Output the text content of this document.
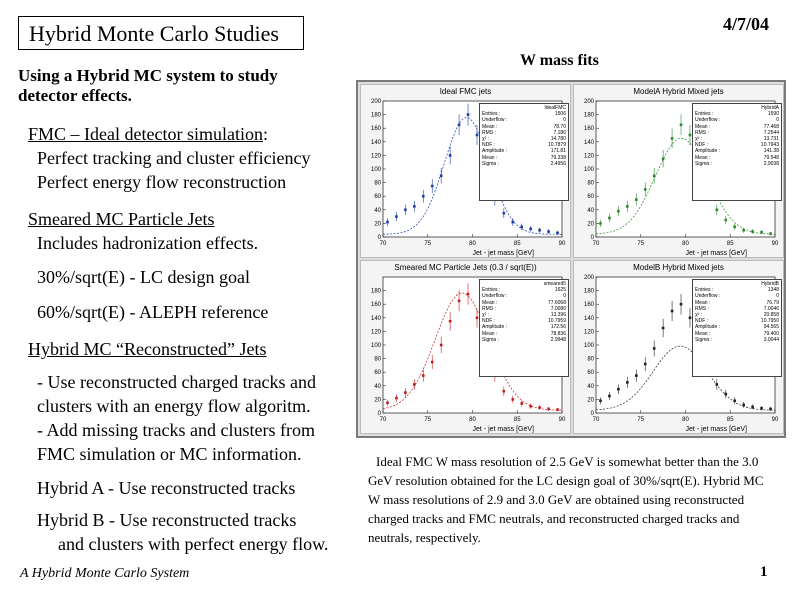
Hybrid Monte Carlo Studies	4/7/04
W mass fits
Using a Hybrid MC system to study
detector effects.
FMC – Ideal detector simulation:
Perfect tracking and cluster efficiency
Perfect energy flow reconstruction
Smeared MC Particle Jets
Includes hadronization effects.
30%/sqrt(E) - LC design goal
60%/sqrt(E) - ALEPH reference
Hybrid MC “Reconstructed” Jets
- Use reconstructed charged tracks and
clusters with an energy flow algoritm.
- Add missing tracks and clusters from
FMC simulation or MC information.
Hybrid A - Use reconstructed tracks
Hybrid B - Use reconstructed tracks
and clusters with perfect energy flow.
Ideal FMC jets
0
20
40
60
80
100
120
140
160
180
200
70	75	80	85	90
IdealFMC
Entries :	1506
Underflow :	0
Mean :	78.70
RMS :	7.186
χ² :	14.780
NDF :	10.7879
Amplitude :	171.81
Mean :	79.338
Sigma :	2.4956
Jet - jet mass [GeV]
ModelA Hybrid Mixed jets
0
20
40
60
80
100
120
140
160
180
200
70	75	80	85	90
HybridA
Entries :	1590
Underflow :	0
Mean :	77.468
RMS :	7.2544
χ² :	13.731
NDF :	10.7943
Amplitude :	141.38
Mean :	79.548
Sigma :	2.9038
Jet - jet mass [GeV]
Smeared MC Particle Jets (0.3 / sqrt(E))
0
20
40
60
80
100
120
140
160
180
70	75	80	85	90
smeared5
Entries :	1625
Underflow :	0
Mean :	77.6068
RMS :	7.0086
χ² :	13.396
NDF :	10.7959
Amplitude :	172.56
Mean :	78.836
Sigma :	2.9948
Jet - jet mass [GeV]
ModelB Hybrid Mixed jets
0
20
40
60
80
100
120
140
160
180
200
70	75	80	85	90
HybridB
Entries :	1348
Underflow :	0
Mean :	76.79
RMS :	7.0046
χ² :	20.858
NDF :	10.7950
Amplitude :	94.565
Mean :	79.400
Sigma :	3.0044
Jet - jet mass [GeV]
Ideal FMC W mass resolution of 2.5 GeV is somewhat better than the 3.0 GeV resolution obtained for the LC design goal of 30%/sqrt(E). Hybrid MC W mass resolutions of 2.9 and 3.0 GeV are obtained using reconstructed charged tracks and FMC neutrals, and reconstructed charged tracks and neutrals, respectively.
A Hybrid Monte Carlo System	1
